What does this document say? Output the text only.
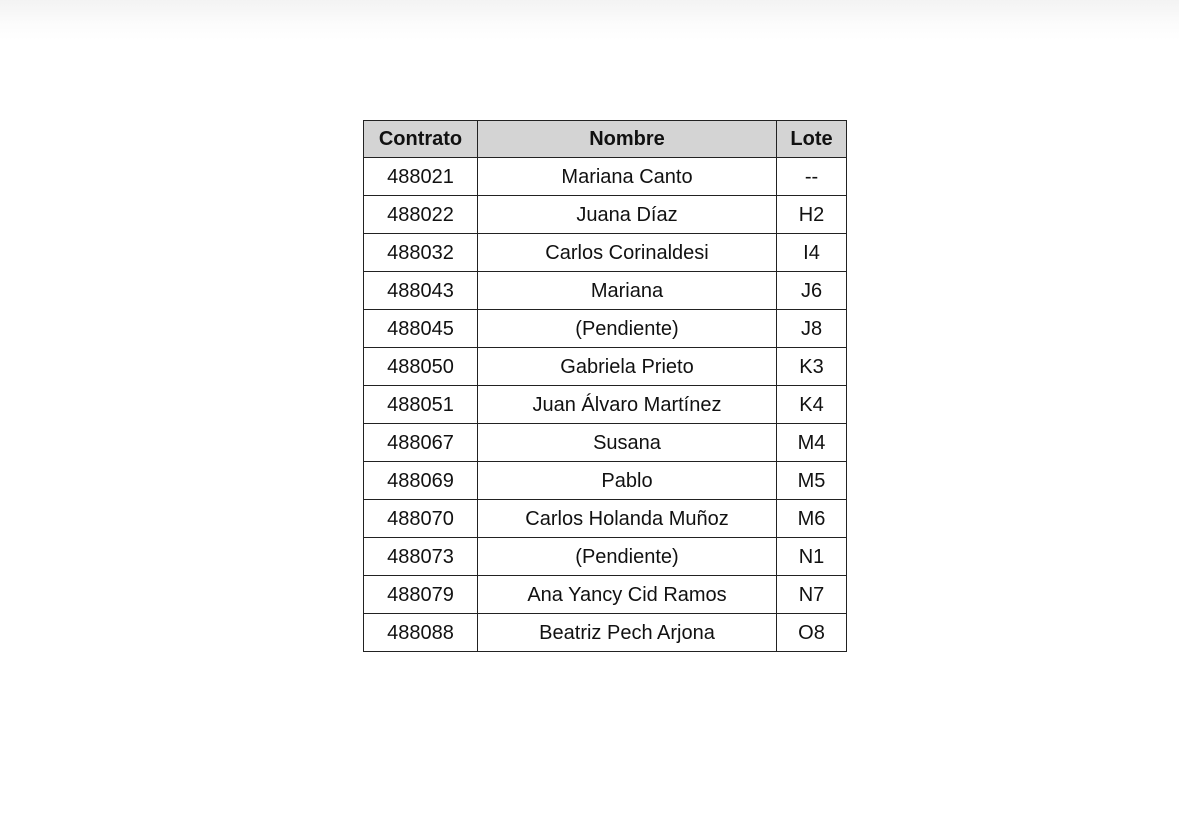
Contrato	Nombre	Lote
488021	Mariana Canto	--
488022	Juana Díaz	H2
488032	Carlos Corinaldesi	I4
488043	Mariana	J6
488045	(Pendiente)	J8
488050	Gabriela Prieto	K3
488051	Juan Álvaro Martínez	K4
488067	Susana	M4
488069	Pablo	M5
488070	Carlos Holanda Muñoz	M6
488073	(Pendiente)	N1
488079	Ana Yancy Cid Ramos	N7
488088	Beatriz Pech Arjona	O8
